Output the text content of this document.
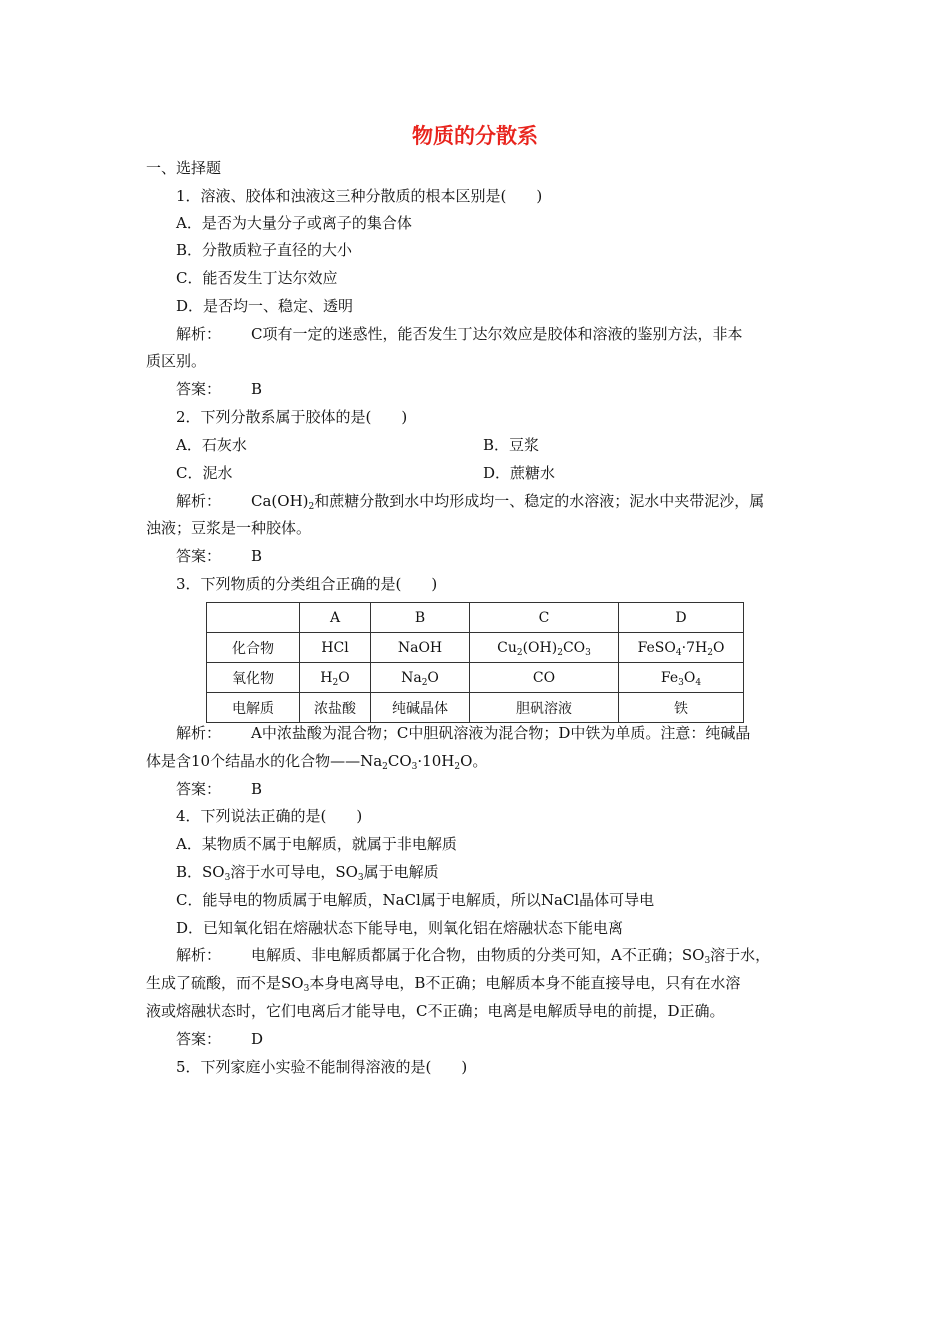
物质的分散系
一、选择题
1．溶液、胶体和浊液这三种分散质的根本区别是(　　)
A．是否为大量分子或离子的集合体
B．分散质粒子直径的大小
C．能否发生丁达尔效应
D．是否均一、稳定、透明
解析： C项有一定的迷惑性，能否发生丁达尔效应是胶体和溶液的鉴别方法，非本
质区别。
答案： B
2．下列分散系属于胶体的是(　　)
A．石灰水	B．豆浆
C．泥水	D．蔗糖水
解析： $Ca(OH)_2$和蔗糖分散到水中均形成均一、稳定的水溶液；泥水中夹带泥沙，属
浊液；豆浆是一种胶体。
答案： B
3．下列物质的分类组合正确的是(　　)
	A	B	C	D
化合物	HCl	NaOH	$Cu_2(OH)_2CO_3$	$FeSO_4\cdot 7H_2O$
氧化物	$H_2O$	$Na_2O$	CO	$Fe_3O_4$
电解质	浓盐酸	纯碱晶体	胆矾溶液	铁
解析： A中浓盐酸为混合物；C中胆矾溶液为混合物；D中铁为单质。注意：纯碱晶
体是含10个结晶水的化合物$——Na_2CO_3\cdot 10H_2O$。
答案： B
4．下列说法正确的是(　　)
A．某物质不属于电解质，就属于非电解质
B．$SO_3$溶于水可导电，$SO_3$属于电解质
C．能导电的物质属于电解质，NaCl属于电解质，所以NaCl晶体可导电
D．已知氧化铝在熔融状态下能导电，则氧化铝在熔融状态下能电离
解析： 电解质、非电解质都属于化合物，由物质的分类可知，A不正确；$SO_3$溶于水，
生成了硫酸，而不是$SO_3$本身电离导电，B不正确；电解质本身不能直接导电，只有在水溶
液或熔融状态时，它们电离后才能导电，C不正确；电离是电解质导电的前提，D正确。
答案： D
5．下列家庭小实验不能制得溶液的是(　　)
